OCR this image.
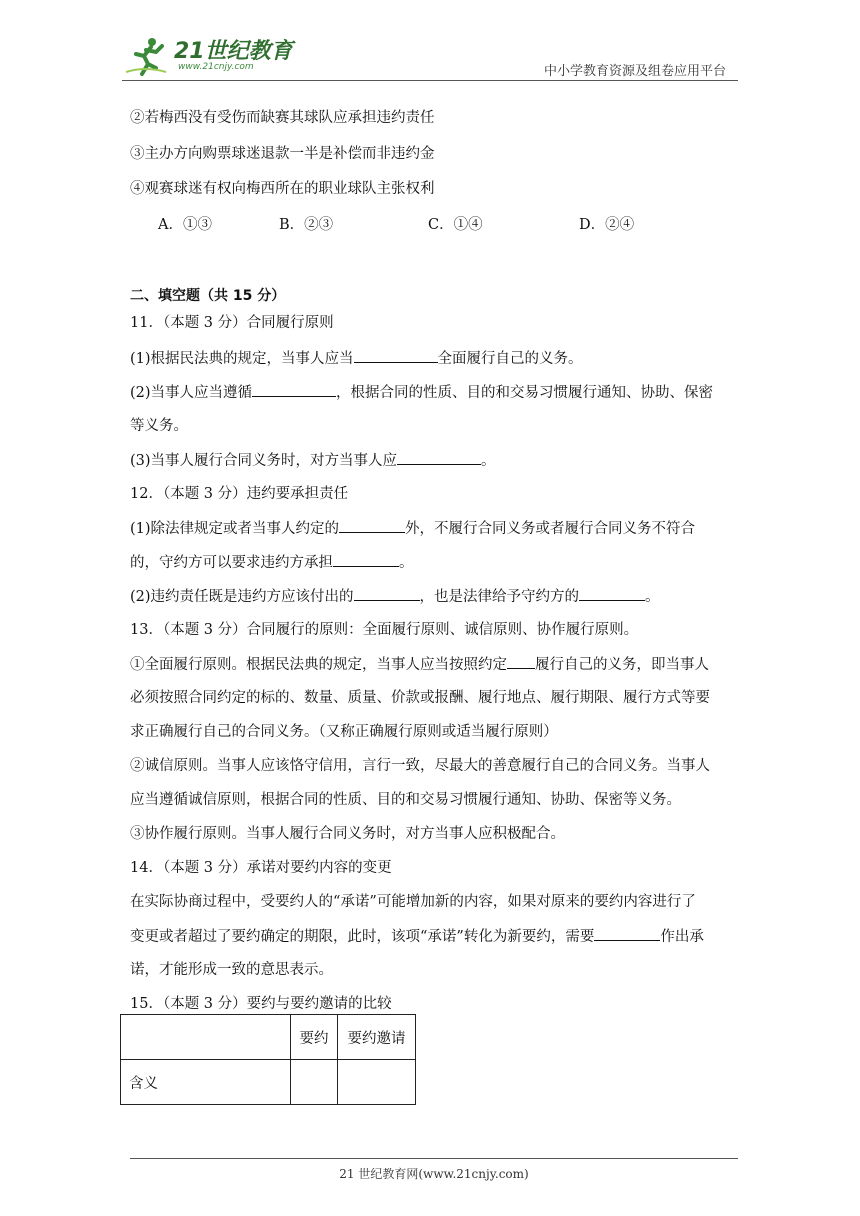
21世纪教育
www.21cnjy.com	中小学教育资源及组卷应用平台
②若梅西没有受伤而缺赛其球队应承担违约责任
③主办方向购票球迷退款一半是补偿而非违约金
④观赛球迷有权向梅西所在的职业球队主张权利
A．①③	B．②③	C．①④	D．②④
二、填空题（共 15 分）
11．（本题 3 分）合同履行原则
(1)根据民法典的规定，当事人应当	全面履行自己的义务。
(2)当事人应当遵循	，根据合同的性质、目的和交易习惯履行通知、协助、保密
等义务。
(3)当事人履行合同义务时，对方当事人应	。
12．（本题 3 分）违约要承担责任
(1)除法律规定或者当事人约定的	外，不履行合同义务或者履行合同义务不符合
的，守约方可以要求违约方承担	。
(2)违约责任既是违约方应该付出的	，也是法律给予守约方的	。
13．（本题 3 分）合同履行的原则：全面履行原则、诚信原则、协作履行原则。
①全面履行原则。根据民法典的规定，当事人应当按照约定 履行自己的义务，即当事人
必须按照合同约定的标的、数量、质量、价款或报酬、履行地点、履行期限、履行方式等要
求正确履行自己的合同义务。（又称正确履行原则或适当履行原则）
②诚信原则。当事人应该恪守信用，言行一致，尽最大的善意履行自己的合同义务。当事人
应当遵循诚信原则，根据合同的性质、目的和交易习惯履行通知、协助、保密等义务。
③协作履行原则。当事人履行合同义务时，对方当事人应积极配合。
14．（本题 3 分）承诺对要约内容的变更
在实际协商过程中，受要约人的“承诺”可能增加新的内容，如果对原来的要约内容进行了
变更或者超过了要约确定的期限，此时，该项“承诺”转化为新要约，需要	作出承
诺，才能形成一致的意思表示。
15．（本题 3 分）要约与要约邀请的比较
	要约	要约邀请
含义		
21 世纪教育网(www.21cnjy.com)
